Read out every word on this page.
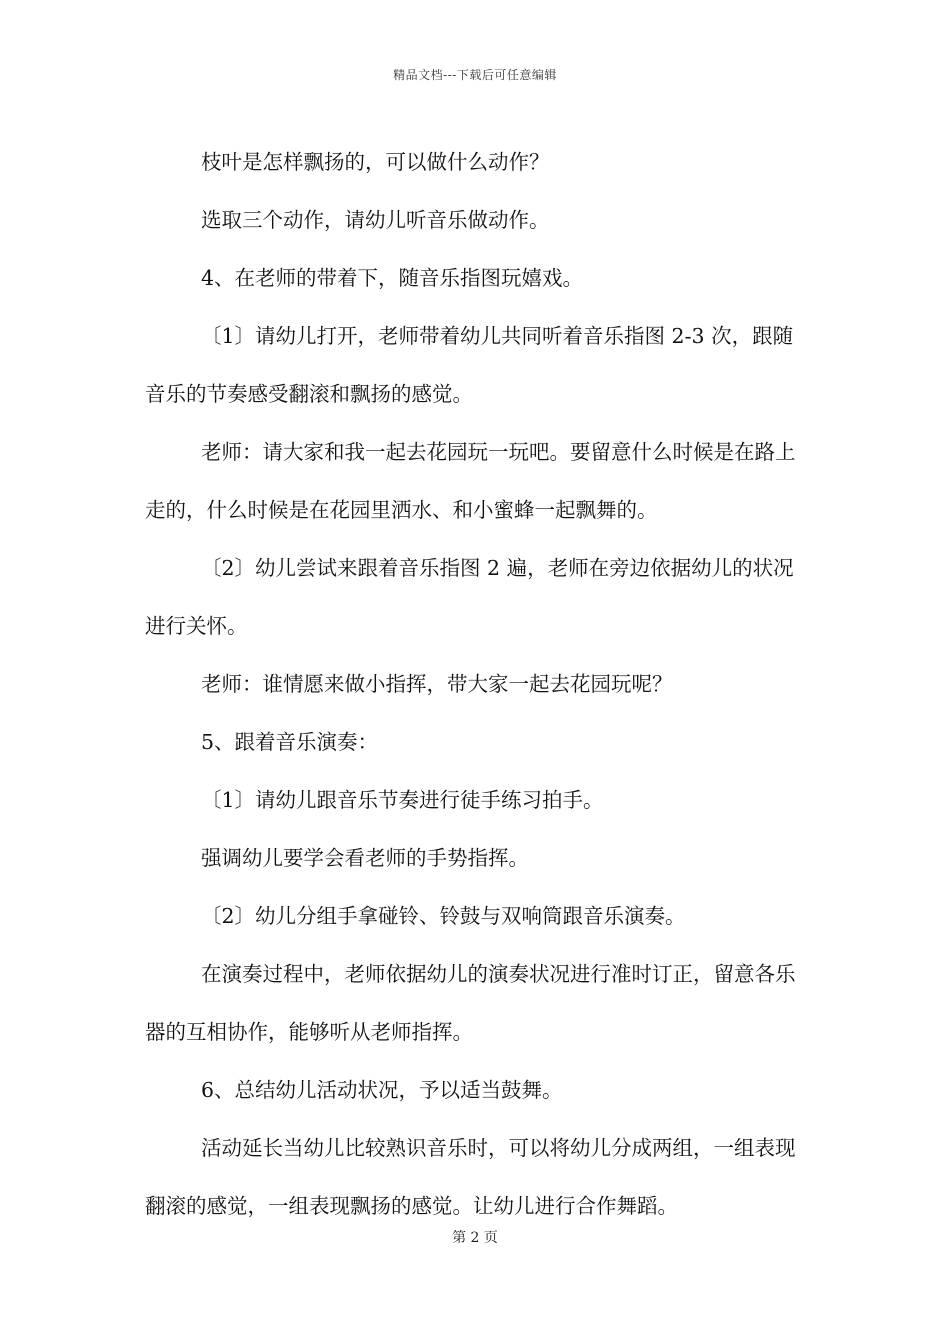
精品文档---下载后可任意编辑

枝叶是怎样飘扬的，可以做什么动作？

选取三个动作，请幼儿听音乐做动作。

4、在老师的带着下，随音乐指图玩嬉戏。

〔1〕请幼儿打开，老师带着幼儿共同听着音乐指图 2-3 次，跟随音乐的节奏感受翻滚和飘扬的感觉。

老师：请大家和我一起去花园玩一玩吧。要留意什么时候是在路上走的，什么时候是在花园里洒水、和小蜜蜂一起飘舞的。

〔2〕幼儿尝试来跟着音乐指图 2 遍，老师在旁边依据幼儿的状况进行关怀。

老师：谁情愿来做小指挥，带大家一起去花园玩呢？

5、跟着音乐演奏：

〔1〕请幼儿跟音乐节奏进行徒手练习拍手。

强调幼儿要学会看老师的手势指挥。

〔2〕幼儿分组手拿碰铃、铃鼓与双响筒跟音乐演奏。

在演奏过程中，老师依据幼儿的演奏状况进行准时订正，留意各乐器的互相协作，能够听从老师指挥。

6、总结幼儿活动状况，予以适当鼓舞。

活动延长当幼儿比较熟识音乐时，可以将幼儿分成两组，一组表现翻滚的感觉，一组表现飘扬的感觉。让幼儿进行合作舞蹈。

第 2 页
